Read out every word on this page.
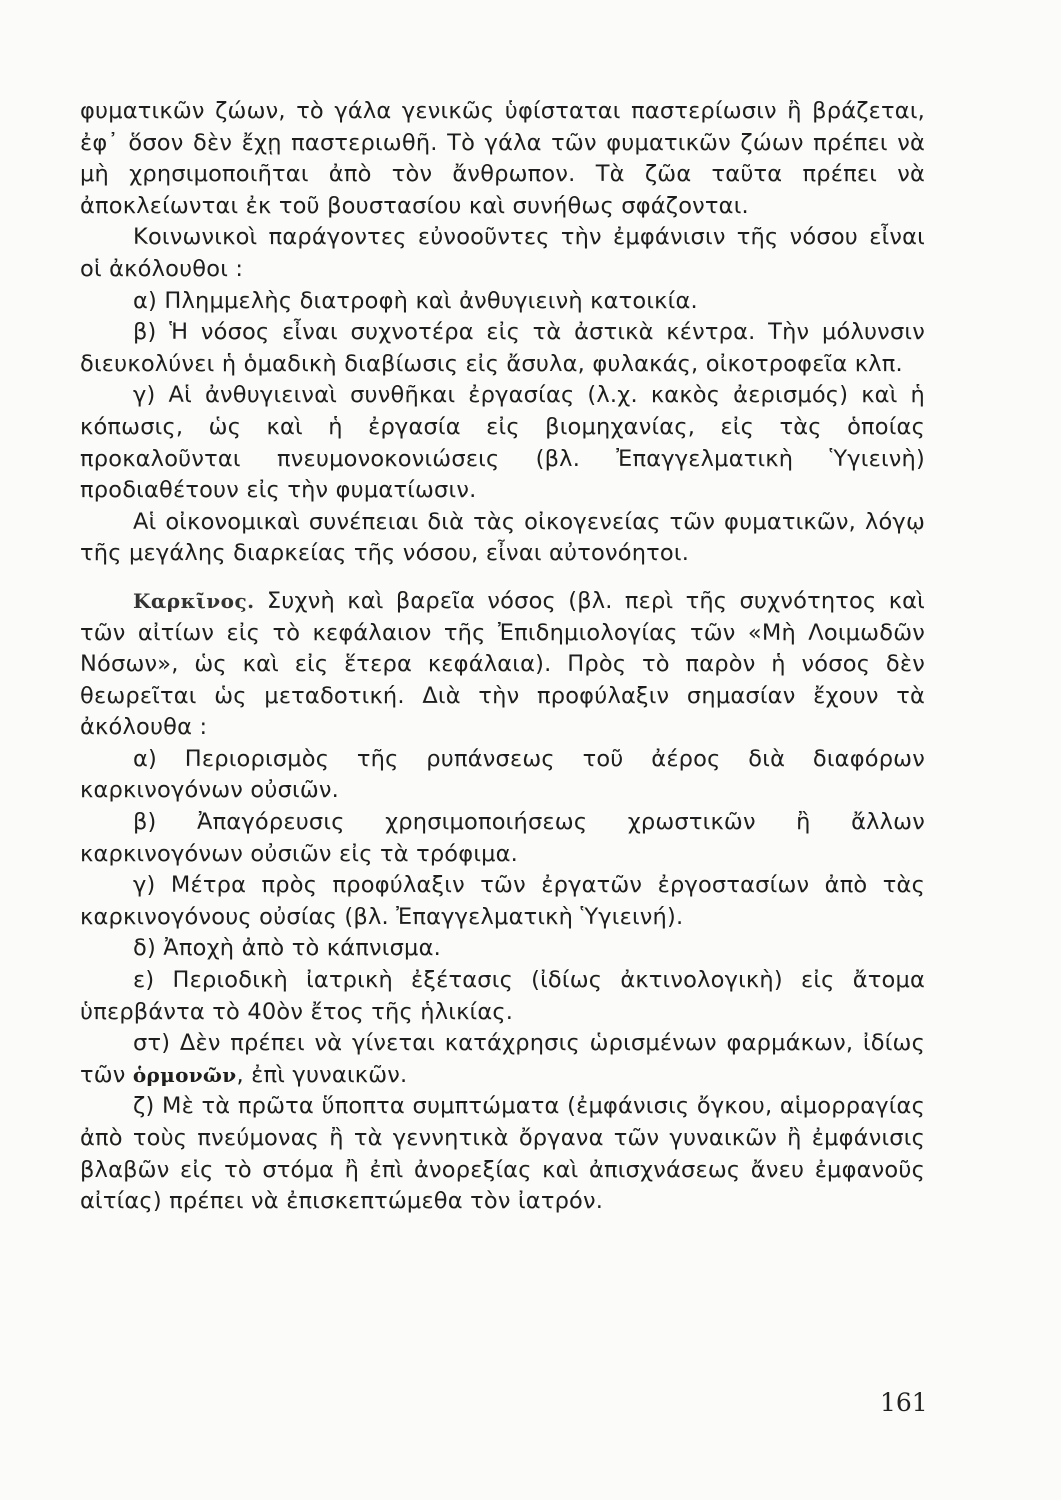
φυματικῶν ζώων, τὸ γάλα γενικῶς ὑφίσταται παστερίωσιν ἢ βράζεται, ἐφ᾽ ὅσον δὲν ἔχῃ παστεριωθῆ. Τὸ γάλα τῶν φυματικῶν ζώων πρέπει νὰ μὴ χρησιμοποιῆται ἀπὸ τὸν ἄνθρωπον. Τὰ ζῶα ταῦτα πρέπει νὰ ἀποκλείωνται ἐκ τοῦ βουστασίου καὶ συνήθως σφάζονται.

Κοινωνικοὶ παράγοντες εὐνοοῦντες τὴν ἐμφάνισιν τῆς νόσου εἶναι οἱ ἀκόλουθοι :

α) Πλημμελὴς διατροφὴ καὶ ἀνθυγιεινὴ κατοικία.

β) Ἡ νόσος εἶναι συχνοτέρα εἰς τὰ ἀστικὰ κέντρα. Τὴν μόλυνσιν διευκολύνει ἡ ὁμαδικὴ διαβίωσις εἰς ἄσυλα, φυλακάς, οἰκοτροφεῖα κλπ.

γ) Αἱ ἀνθυγιειναὶ συνθῆκαι ἐργασίας (λ.χ. κακὸς ἀερισμός) καὶ ἡ κόπωσις, ὡς καὶ ἡ ἐργασία εἰς βιομηχανίας, εἰς τὰς ὁποίας προκαλοῦνται πνευμονοκονιώσεις (βλ. Ἐπαγγελματικὴ Ὑγιεινὴ) προδιαθέτουν εἰς τὴν φυματίωσιν.

Αἱ οἰκονομικαὶ συνέπειαι διὰ τὰς οἰκογενείας τῶν φυματικῶν, λόγῳ τῆς μεγάλης διαρκείας τῆς νόσου, εἶναι αὐτονόητοι.

Καρκῖνος. Συχνὴ καὶ βαρεῖα νόσος (βλ. περὶ τῆς συχνότητος καὶ τῶν αἰτίων εἰς τὸ κεφάλαιον τῆς Ἐπιδημιολογίας τῶν «Μὴ Λοιμωδῶν Νόσων», ὡς καὶ εἰς ἕτερα κεφάλαια). Πρὸς τὸ παρὸν ἡ νόσος δὲν θεωρεῖται ὡς μεταδοτική. Διὰ τὴν προφύλαξιν σημασίαν ἔχουν τὰ ἀκόλουθα :

α) Περιορισμὸς τῆς ρυπάνσεως τοῦ ἀέρος διὰ διαφόρων καρκινογόνων οὐσιῶν.

β) Ἀπαγόρευσις χρησιμοποιήσεως χρωστικῶν ἢ ἄλλων καρκινογόνων οὐσιῶν εἰς τὰ τρόφιμα.

γ) Μέτρα πρὸς προφύλαξιν τῶν ἐργατῶν ἐργοστασίων ἀπὸ τὰς καρκινογόνους οὐσίας (βλ. Ἐπαγγελματικὴ Ὑγιεινή).

δ) Ἀποχὴ ἀπὸ τὸ κάπνισμα.

ε) Περιοδικὴ ἰατρικὴ ἐξέτασις (ἰδίως ἀκτινολογικὴ) εἰς ἄτομα ὑπερβάντα τὸ 40ὸν ἔτος τῆς ἡλικίας.

στ) Δὲν πρέπει νὰ γίνεται κατάχρησις ὡρισμένων φαρμάκων, ἰδίως τῶν ὁρμονῶν, ἐπὶ γυναικῶν.

ζ) Μὲ τὰ πρῶτα ὕποπτα συμπτώματα (ἐμφάνισις ὄγκου, αἱμορραγίας ἀπὸ τοὺς πνεύμονας ἢ τὰ γεννητικὰ ὄργανα τῶν γυναικῶν ἢ ἐμφάνισις βλαβῶν εἰς τὸ στόμα ἢ ἐπὶ ἀνορεξίας καὶ ἀπισχνάσεως ἄνευ ἐμφανοῦς αἰτίας) πρέπει νὰ ἐπισκεπτώμεθα τὸν ἰατρόν.

161
